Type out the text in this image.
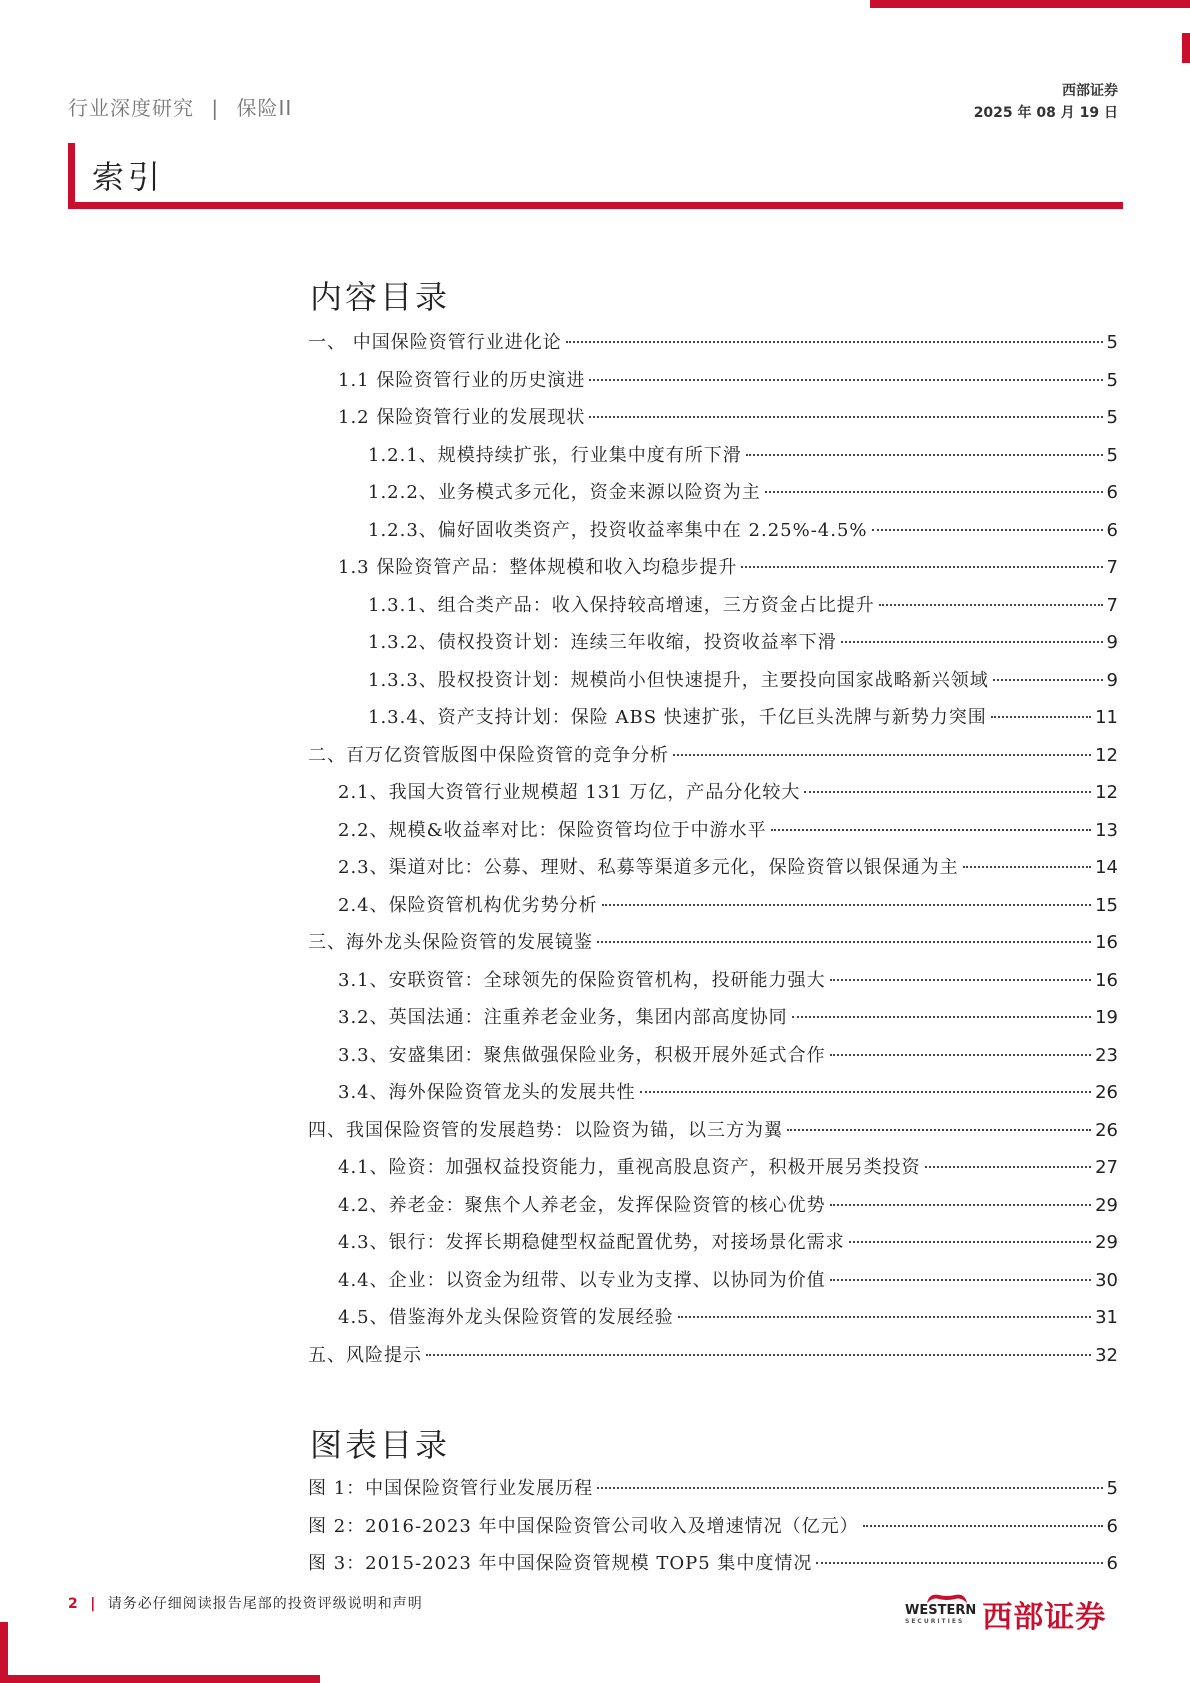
行业深度研究 | 保险II
西部证券
2025 年 08 月 19 日
索引
内容目录
一、 中国保险资管行业进化论	5
1.1 保险资管行业的历史演进	5
1.2 保险资管行业的发展现状	5
1.2.1、规模持续扩张，行业集中度有所下滑	5
1.2.2、业务模式多元化，资金来源以险资为主	6
1.2.3、偏好固收类资产，投资收益率集中在 2.25%-4.5%	6
1.3 保险资管产品：整体规模和收入均稳步提升	7
1.3.1、组合类产品：收入保持较高增速，三方资金占比提升	7
1.3.2、债权投资计划：连续三年收缩，投资收益率下滑	9
1.3.3、股权投资计划：规模尚小但快速提升，主要投向国家战略新兴领域	9
1.3.4、资产支持计划：保险 ABS 快速扩张，千亿巨头洗牌与新势力突围	11
二、百万亿资管版图中保险资管的竞争分析	12
2.1、我国大资管行业规模超 131 万亿，产品分化较大	12
2.2、规模&收益率对比：保险资管均位于中游水平	13
2.3、渠道对比：公募、理财、私募等渠道多元化，保险资管以银保通为主	14
2.4、保险资管机构优劣势分析	15
三、海外龙头保险资管的发展镜鉴	16
3.1、安联资管：全球领先的保险资管机构，投研能力强大	16
3.2、英国法通：注重养老金业务，集团内部高度协同	19
3.3、安盛集团：聚焦做强保险业务，积极开展外延式合作	23
3.4、海外保险资管龙头的发展共性	26
四、我国保险资管的发展趋势：以险资为锚，以三方为翼	26
4.1、险资：加强权益投资能力，重视高股息资产，积极开展另类投资	27
4.2、养老金：聚焦个人养老金，发挥保险资管的核心优势	29
4.3、银行：发挥长期稳健型权益配置优势，对接场景化需求	29
4.4、企业：以资金为纽带、以专业为支撑、以协同为价值	30
4.5、借鉴海外龙头保险资管的发展经验	31
五、风险提示	32
图表目录
图 1：中国保险资管行业发展历程	5
图 2：2016-2023 年中国保险资管公司收入及增速情况（亿元）	6
图 3：2015-2023 年中国保险资管规模 TOP5 集中度情况	6
2 | 请务必仔细阅读报告尾部的投资评级说明和声明	WESTERN
SECURITIES 西部证券
